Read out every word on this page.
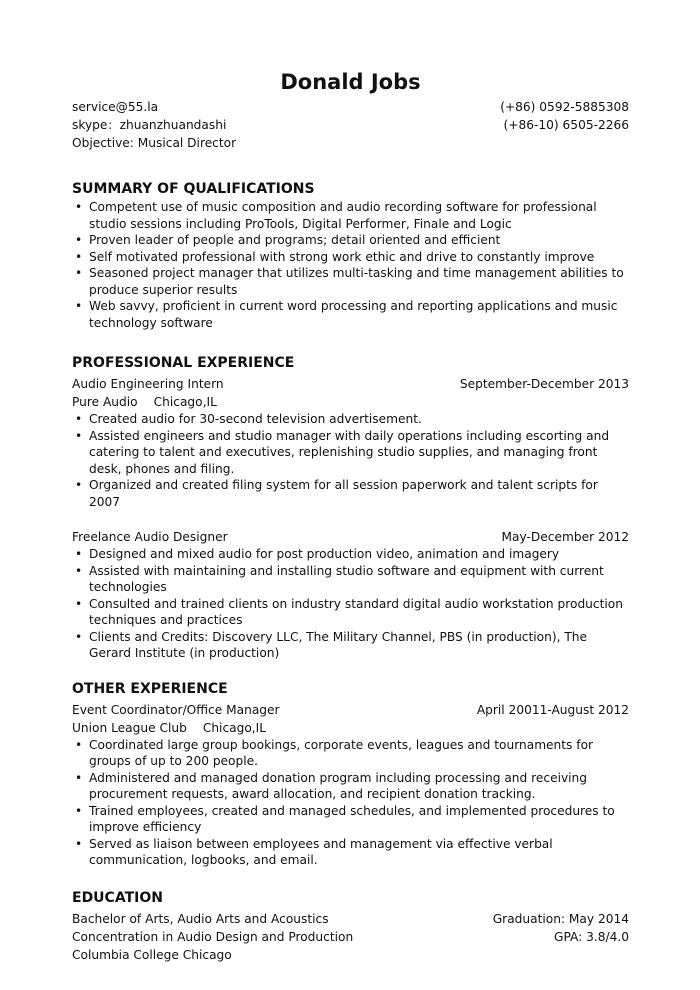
Donald Jobs
service@55.la	(+86) 0592-5885308
skype：zhuanzhuandashi	(+86-10) 6505-2266
Objective: Musical Director
SUMMARY OF QUALIFICATIONS
• Competent use of music composition and audio recording software for professional studio sessions including ProTools, Digital Performer, Finale and Logic
• Proven leader of people and programs; detail oriented and efficient
• Self motivated professional with strong work ethic and drive to constantly improve
• Seasoned project manager that utilizes multi-tasking and time management abilities to produce superior results
• Web savvy, proficient in current word processing and reporting applications and music technology software
PROFESSIONAL EXPERIENCE
Audio Engineering Intern	September-December 2013
Pure Audio Chicago,IL
• Created audio for 30-second television advertisement.
• Assisted engineers and studio manager with daily operations including escorting and catering to talent and executives, replenishing studio supplies, and managing front desk, phones and filing.
• Organized and created filing system for all session paperwork and talent scripts for 2007
Freelance Audio Designer	May-December 2012
• Designed and mixed audio for post production video, animation and imagery
• Assisted with maintaining and installing studio software and equipment with current technologies
• Consulted and trained clients on industry standard digital audio workstation production techniques and practices
• Clients and Credits: Discovery LLC, The Military Channel, PBS (in production), The Gerard Institute (in production)
OTHER EXPERIENCE
Event Coordinator/Office Manager	April 20011-August 2012
Union League Club Chicago,IL
• Coordinated large group bookings, corporate events, leagues and tournaments for groups of up to 200 people.
• Administered and managed donation program including processing and receiving procurement requests, award allocation, and recipient donation tracking.
• Trained employees, created and managed schedules, and implemented procedures to improve efficiency
• Served as liaison between employees and management via effective verbal communication, logbooks, and email.
EDUCATION
Bachelor of Arts, Audio Arts and Acoustics	Graduation: May 2014
Concentration in Audio Design and Production	GPA: 3.8/4.0
Columbia College Chicago
